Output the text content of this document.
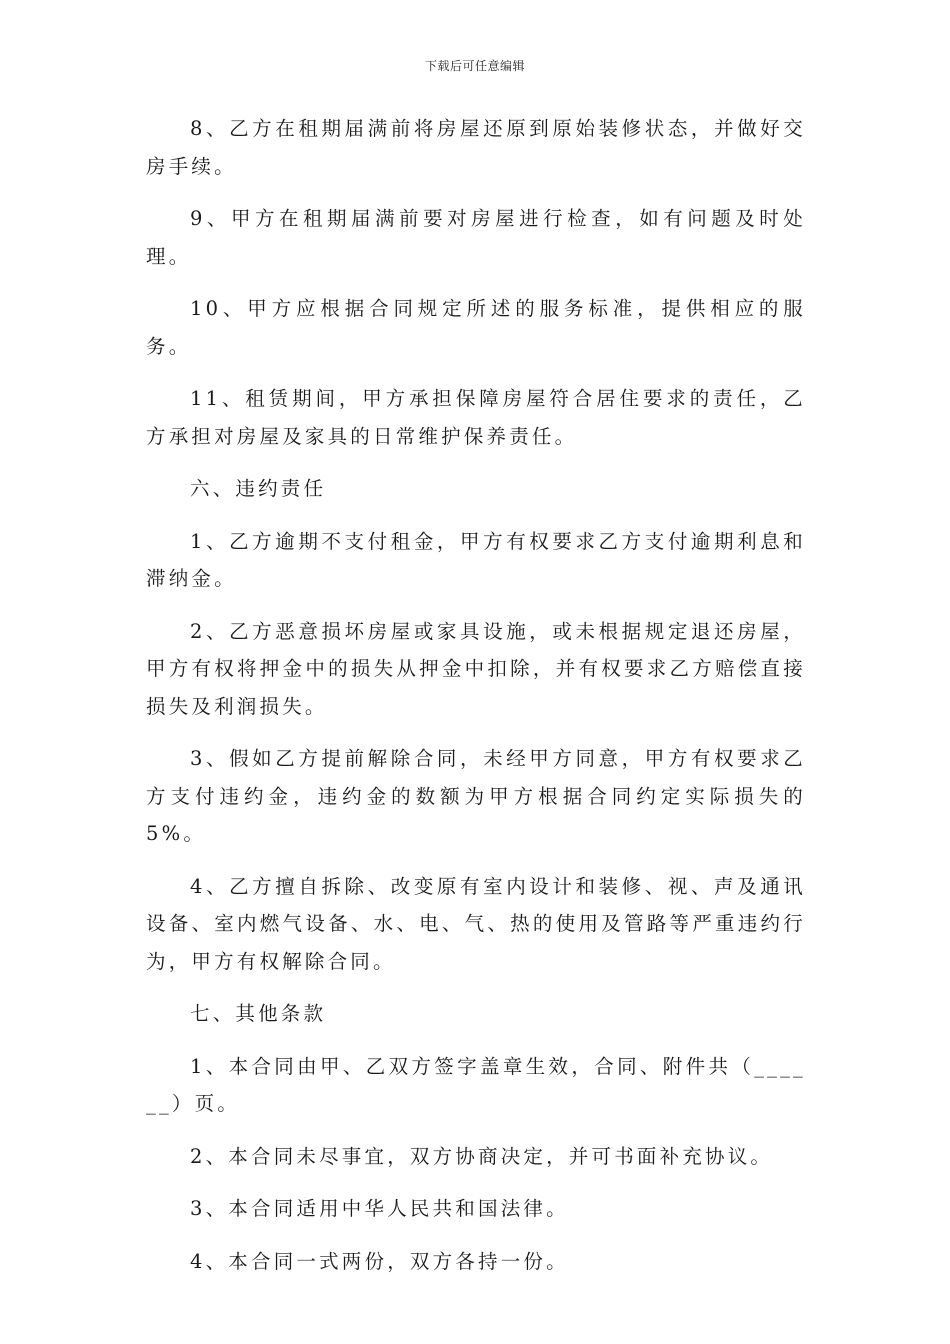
下载后可任意编辑

8、乙方在租期届满前将房屋还原到原始装修状态，并做好交房手续。

9、甲方在租期届满前要对房屋进行检查，如有问题及时处理。

10、甲方应根据合同规定所述的服务标准，提供相应的服务。

11、租赁期间，甲方承担保障房屋符合居住要求的责任，乙方承担对房屋及家具的日常维护保养责任。

六、违约责任

1、乙方逾期不支付租金，甲方有权要求乙方支付逾期利息和滞纳金。

2、乙方恶意损坏房屋或家具设施，或未根据规定退还房屋，甲方有权将押金中的损失从押金中扣除，并有权要求乙方赔偿直接损失及利润损失。

3、假如乙方提前解除合同，未经甲方同意，甲方有权要求乙方支付违约金，违约金的数额为甲方根据合同约定实际损失的5%。

4、乙方擅自拆除、改变原有室内设计和装修、视、声及通讯设备、室内燃气设备、水、电、气、热的使用及管路等严重违约行为，甲方有权解除合同。

七、其他条款

1、本合同由甲、乙双方签字盖章生效，合同、附件共（______）页。

2、本合同未尽事宜，双方协商决定，并可书面补充协议。

3、本合同适用中华人民共和国法律。

4、本合同一式两份，双方各持一份。
